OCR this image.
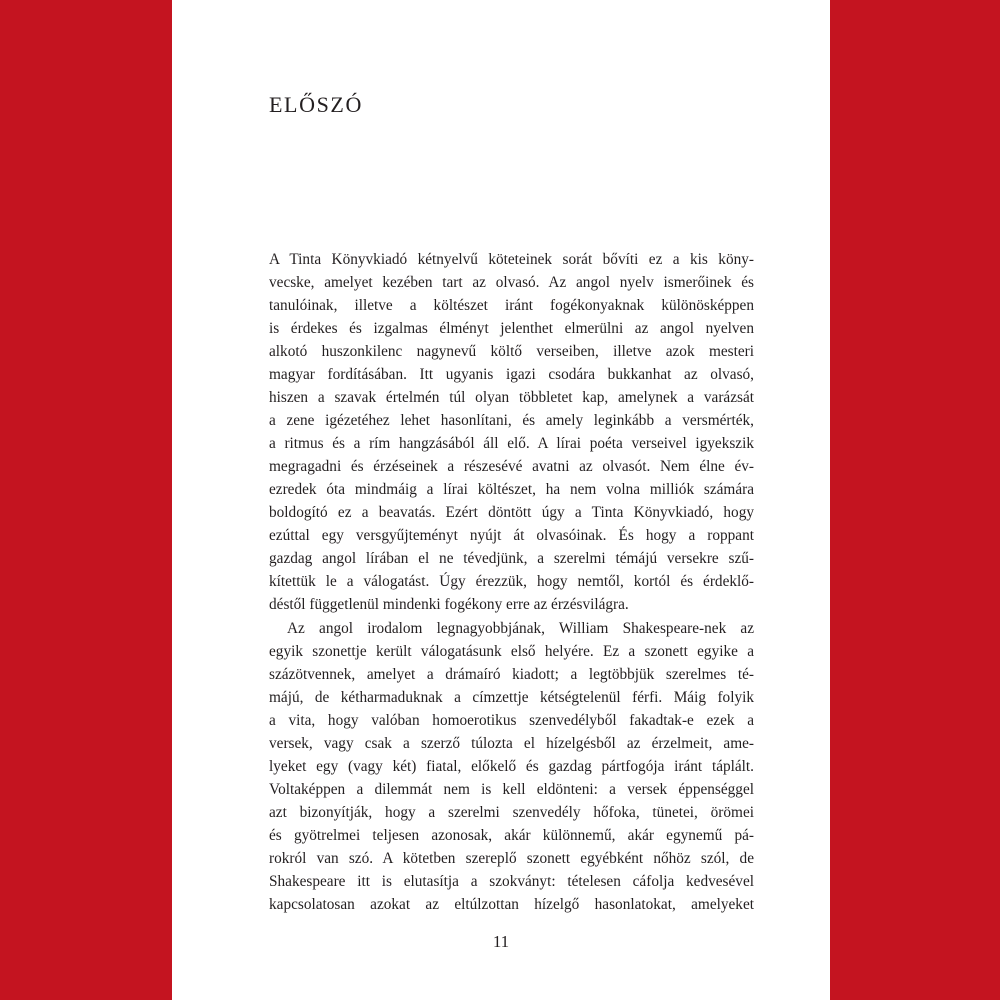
ELŐSZÓ
A Tinta Könyvkiadó kétnyelvű köteteinek sorát bővíti ez a kis köny-
vecske, amelyet kezében tart az olvasó. Az angol nyelv ismerőinek és
tanulóinak, illetve a költészet iránt fogékonyaknak különösképpen
is érdekes és izgalmas élményt jelenthet elmerülni az angol nyelven
alkotó huszonkilenc nagynevű költő verseiben, illetve azok mesteri
magyar fordításában. Itt ugyanis igazi csodára bukkanhat az olvasó,
hiszen a szavak értelmén túl olyan többletet kap, amelynek a varázsát
a zene igézetéhez lehet hasonlítani, és amely leginkább a versmérték,
a ritmus és a rím hangzásából áll elő. A lírai poéta verseivel igyekszik
megragadni és érzéseinek a részesévé avatni az olvasót. Nem élne év-
ezredek óta mindmáig a lírai költészet, ha nem volna milliók számára
boldogító ez a beavatás. Ezért döntött úgy a Tinta Könyvkiadó, hogy
ezúttal egy versgyűjteményt nyújt át olvasóinak. És hogy a roppant
gazdag angol lírában el ne tévedjünk, a szerelmi témájú versekre szű-
kítettük le a válogatást. Úgy érezzük, hogy nemtől, kortól és érdeklő-
déstől függetlenül mindenki fogékony erre az érzésvilágra.
Az angol irodalom legnagyobbjának, William Shakespeare-nek az
egyik szonettje került válogatásunk első helyére. Ez a szonett egyike a
százötvennek, amelyet a drámaíró kiadott; a legtöbbjük szerelmes té-
májú, de kétharmaduknak a címzettje kétségtelenül férfi. Máig folyik
a vita, hogy valóban homoerotikus szenvedélyből fakadtak-e ezek a
versek, vagy csak a szerző túlozta el hízelgésből az érzelmeit, ame-
lyeket egy (vagy két) fiatal, előkelő és gazdag pártfogója iránt táplált.
Voltaképpen a dilemmát nem is kell eldönteni: a versek éppenséggel
azt bizonyítják, hogy a szerelmi szenvedély hőfoka, tünetei, örömei
és gyötrelmei teljesen azonosak, akár különnemű, akár egynemű pá-
rokról van szó. A kötetben szereplő szonett egyébként nőhöz szól, de
Shakespeare itt is elutasítja a szokványt: tételesen cáfolja kedvesével
kapcsolatosan azokat az eltúlzottan hízelgő hasonlatokat, amelyeket
11
